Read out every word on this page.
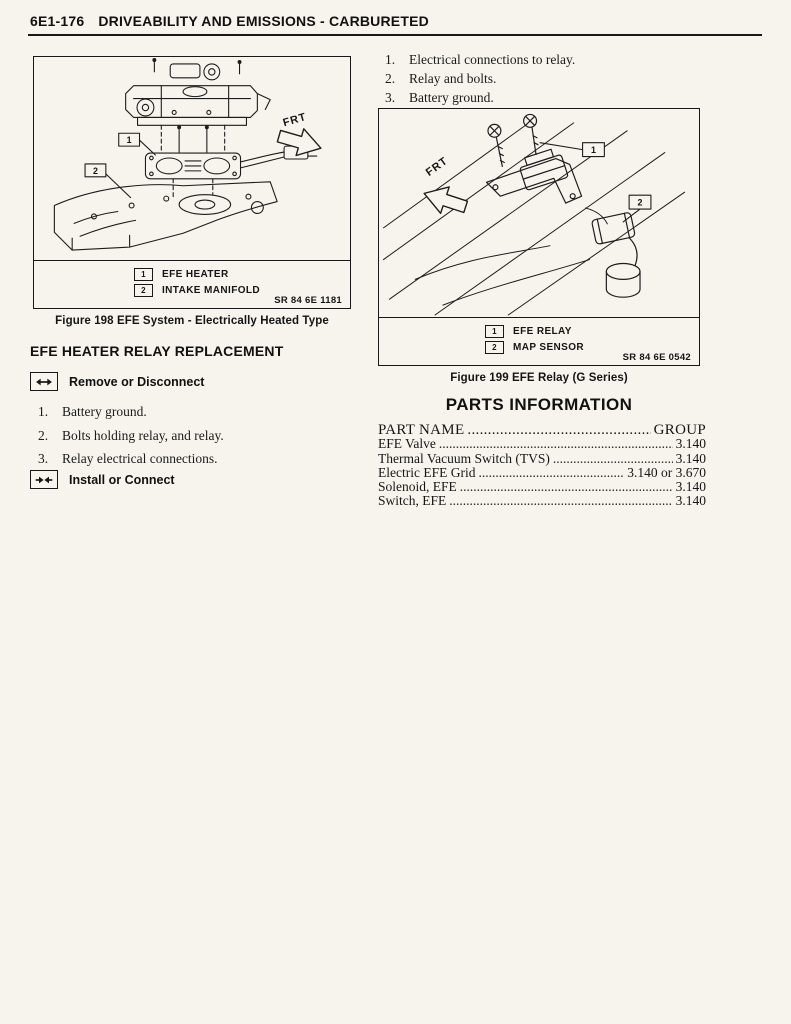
6E1-176 DRIVEABILITY AND EMISSIONS - CARBURETED
1
2
FRT
1	EFE HEATER
2	INTAKE MANIFOLD
SR 84 6E 1181
Figure 198 EFE System - Electrically Heated Type
EFE HEATER RELAY REPLACEMENT
Remove or Disconnect
1.	Battery ground.
2.	Bolts holding relay, and relay.
3.	Relay electrical connections.
Install or Connect
1.	Electrical connections to relay.
2.	Relay and bolts.
3.	Battery ground.
1
2
FRT
1	EFE RELAY
2	MAP SENSOR
SR 84 6E 0542
Figure 199 EFE Relay (G Series)
PARTS INFORMATION
PART NAME .....	GROUP
EFE Valve .....	3.140
Thermal Vacuum Switch (TVS) .....	3.140
Electric EFE Grid .....	3.140 or 3.670
Solenoid, EFE .....	3.140
Switch, EFE .....	3.140
